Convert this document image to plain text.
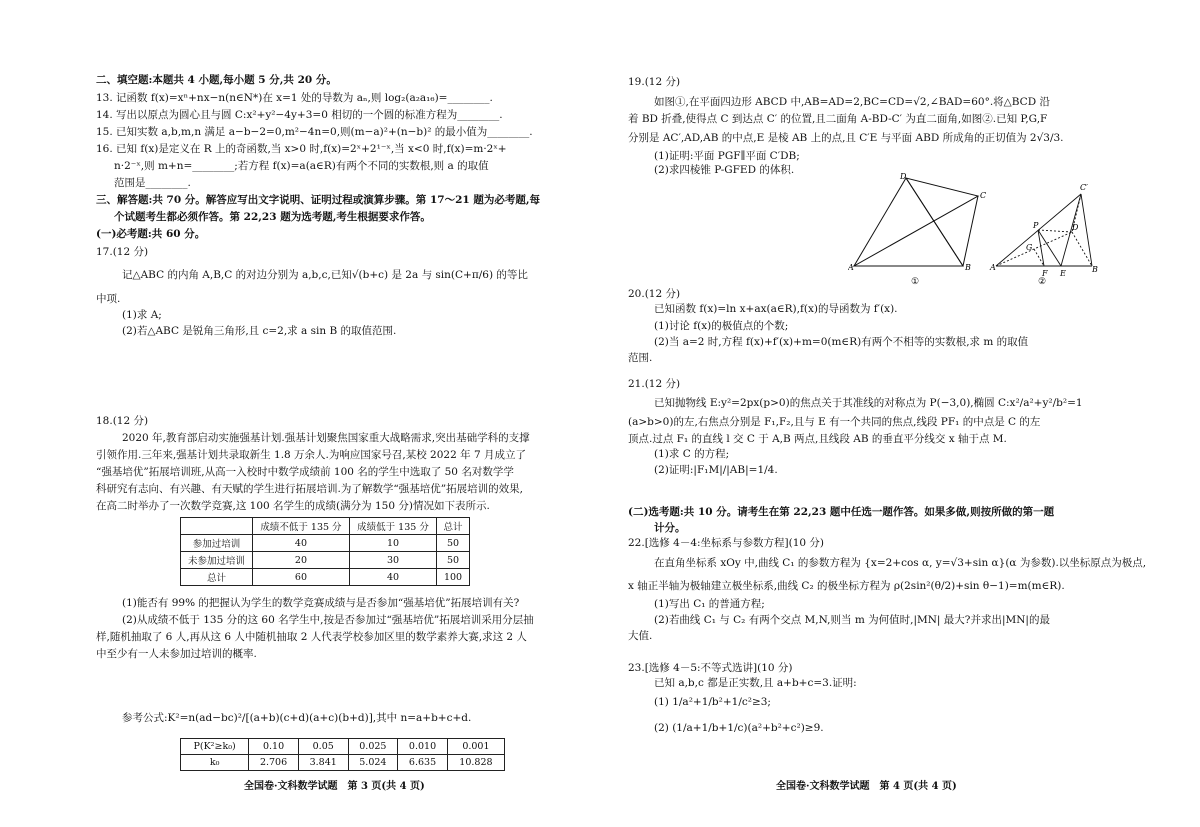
二、填空题:本题共 4 小题,每小题 5 分,共 20 分。
13. 记函数 f(x)=xⁿ+nx−n(n∈N*)在 x=1 处的导数为 aₙ,则 log₂(a₂a₁₆)=________.
14. 写出以原点为圆心且与圆 C:x²+y²−4y+3=0 相切的一个圆的标准方程为________.
15. 已知实数 a,b,m,n 满足 a−b−2=0,m²−4n=0,则(m−a)²+(n−b)² 的最小值为________.
16. 已知 f(x)是定义在 R 上的奇函数,当 x>0 时,f(x)=2ˣ+2¹⁻ˣ,当 x<0 时,f(x)=m·2ˣ+
n·2⁻ˣ,则 m+n=________;若方程 f(x)=a(a∈R)有两个不同的实数根,则 a 的取值
范围是________.
三、解答题:共 70 分。解答应写出文字说明、证明过程或演算步骤。第 17～21 题为必考题,每
个试题考生都必须作答。第 22,23 题为选考题,考生根据要求作答。
(一)必考题:共 60 分。
17.(12 分)
记△ABC 的内角 A,B,C 的对边分别为 a,b,c,已知√(b+c) 是 2a 与 sin(C+π/6) 的等比
中项.
(1)求 A;
(2)若△ABC 是锐角三角形,且 c=2,求 a sin B 的取值范围.
18.(12 分)
2020 年,教育部启动实施强基计划.强基计划聚焦国家重大战略需求,突出基础学科的支撑
引领作用.三年来,强基计划共录取新生 1.8 万余人.为响应国家号召,某校 2022 年 7 月成立了
“强基培优”拓展培训班,从高一入校时中数学成绩前 100 名的学生中选取了 50 名对数学学
科研究有志向、有兴趣、有天赋的学生进行拓展培训.为了解数学“强基培优”拓展培训的效果,
在高二时举办了一次数学竞赛,这 100 名学生的成绩(满分为 150 分)情况如下表所示.
	成绩不低于 135 分	成绩低于 135 分	总计
参加过培训	40	10	50
未参加过培训	20	30	50
总计	60	40	100
(1)能否有 99% 的把握认为学生的数学竞赛成绩与是否参加“强基培优”拓展培训有关?
(2)从成绩不低于 135 分的这 60 名学生中,按是否参加过“强基培优”拓展培训采用分层抽
样,随机抽取了 6 人,再从这 6 人中随机抽取 2 人代表学校参加区里的数学素养大赛,求这 2 人
中至少有一人未参加过培训的概率.
参考公式:K²=n(ad−bc)²/[(a+b)(c+d)(a+c)(b+d)],其中 n=a+b+c+d.
P(K²≥k₀)	0.10	0.05	0.025	0.010	0.001
k₀	2.706	3.841	5.024	6.635	10.828
全国卷·文科数学试题　第 3 页(共 4 页)
19.(12 分)
如图①,在平面四边形 ABCD 中,AB=AD=2,BC=CD=√2,∠BAD=60°.将△BCD 沿
着 BD 折叠,使得点 C 到达点 C′ 的位置,且二面角 A-BD-C′ 为直二面角,如图②.已知 P,G,F
分别是 AC′,AD,AB 的中点,E 是棱 AB 上的点,且 C′E 与平面 ABD 所成角的正切值为 2√3/3.
(1)证明:平面 PGF∥平面 C′DB;
(2)求四棱锥 P-GFED 的体积.
A	B
C
D
①
A	B
C′
D
P
G
F E
②
20.(12 分)
已知函数 f(x)=ln x+ax(a∈R),f(x)的导函数为 f′(x).
(1)讨论 f(x)的极值点的个数;
(2)当 a=2 时,方程 f(x)+f′(x)+m=0(m∈R)有两个不相等的实数根,求 m 的取值
范围.
21.(12 分)
已知抛物线 E:y²=2px(p>0)的焦点关于其准线的对称点为 P(−3,0),椭圆 C:x²/a²+y²/b²=1
(a>b>0)的左,右焦点分别是 F₁,F₂,且与 E 有一个共同的焦点,线段 PF₁ 的中点是 C 的左
顶点.过点 F₁ 的直线 l 交 C 于 A,B 两点,且线段 AB 的垂直平分线交 x 轴于点 M.
(1)求 C 的方程;
(2)证明:|F₁M|/|AB|=1/4.
(二)选考题:共 10 分。请考生在第 22,23 题中任选一题作答。如果多做,则按所做的第一题
计分。
22.[选修 4－4:坐标系与参数方程](10 分)
在直角坐标系 xOy 中,曲线 C₁ 的参数方程为 {x=2+cos α, y=√3+sin α}(α 为参数).以坐标原点为极点,
x 轴正半轴为极轴建立极坐标系,曲线 C₂ 的极坐标方程为 ρ(2sin²(θ/2)+sin θ−1)=m(m∈R).
(1)写出 C₁ 的普通方程;
(2)若曲线 C₁ 与 C₂ 有两个交点 M,N,则当 m 为何值时,|MN| 最大?并求出|MN|的最
大值.
23.[选修 4－5:不等式选讲](10 分)
已知 a,b,c 都是正实数,且 a+b+c=3.证明:
(1) 1/a²+1/b²+1/c²≥3;
(2) (1/a+1/b+1/c)(a²+b²+c²)≥9.
全国卷·文科数学试题　第 4 页(共 4 页)
